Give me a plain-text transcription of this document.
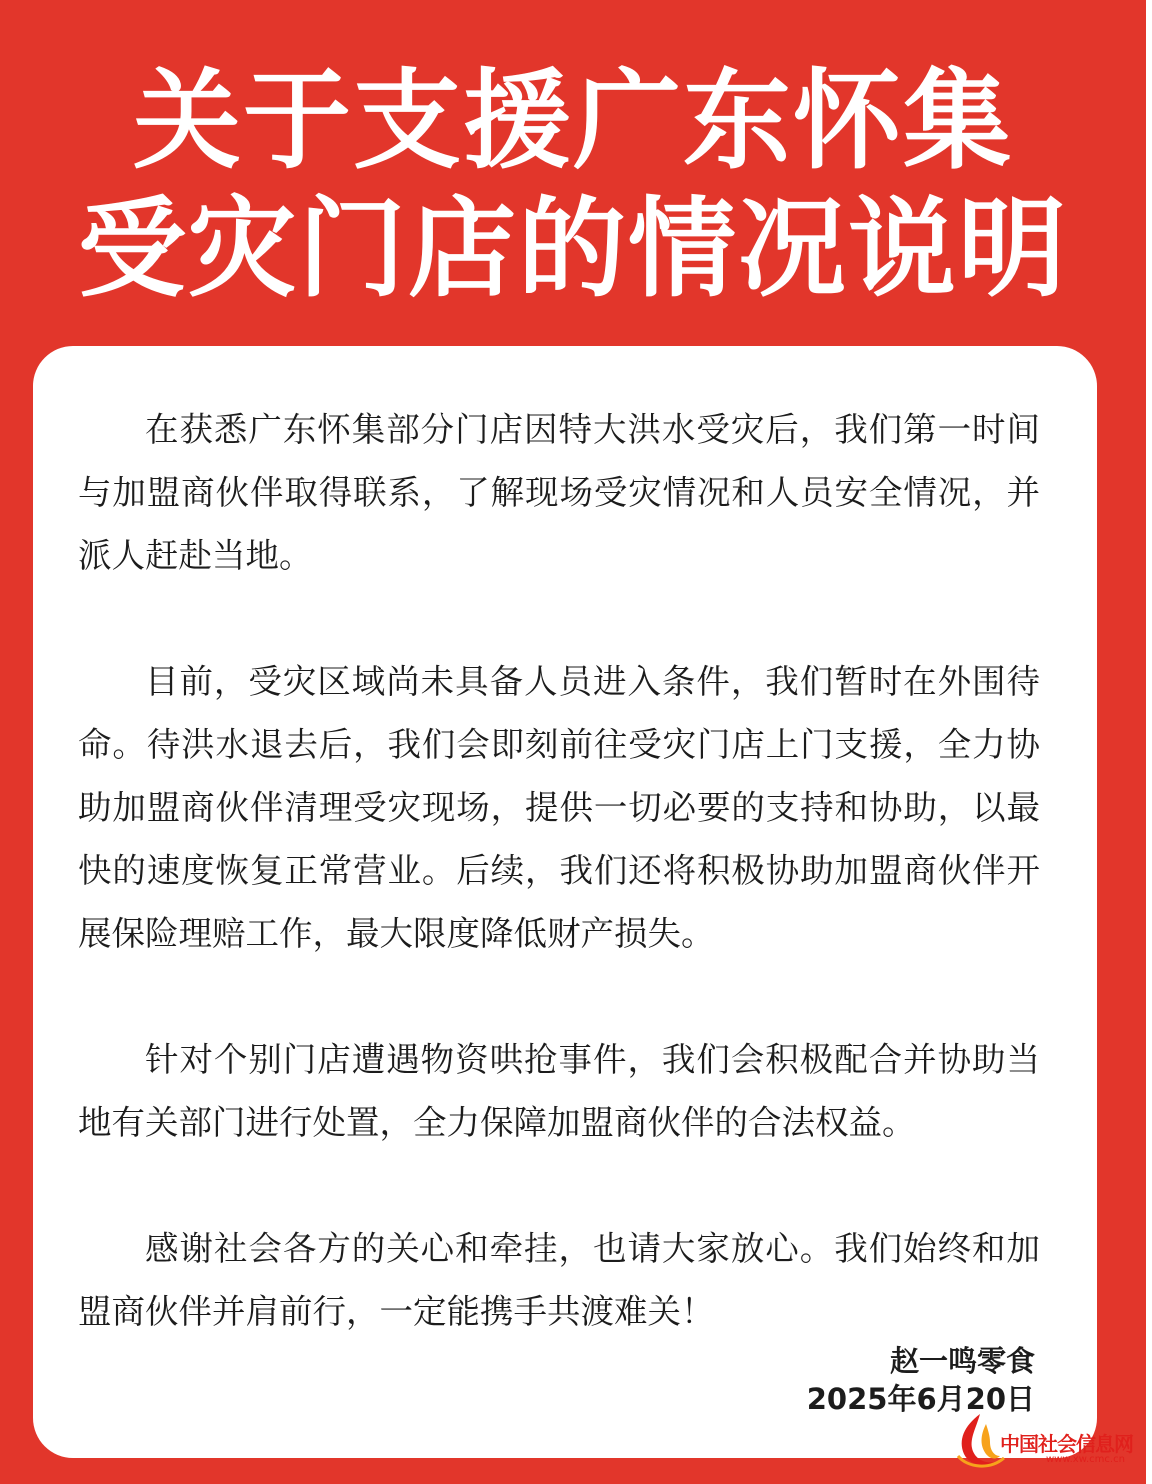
关于支援广东怀集
受灾门店的情况说明

在获悉广东怀集部分门店因特大洪水受灾后，我们第一时间与加盟商伙伴取得联系，了解现场受灾情况和人员安全情况，并派人赶赴当地。

目前，受灾区域尚未具备人员进入条件，我们暂时在外围待命。待洪水退去后，我们会即刻前往受灾门店上门支援，全力协助加盟商伙伴清理受灾现场，提供一切必要的支持和协助，以最快的速度恢复正常营业。后续，我们还将积极协助加盟商伙伴开展保险理赔工作，最大限度降低财产损失。

针对个别门店遭遇物资哄抢事件，我们会积极配合并协助当地有关部门进行处置，全力保障加盟商伙伴的合法权益。

感谢社会各方的关心和牵挂，也请大家放心。我们始终和加盟商伙伴并肩前行，一定能携手共渡难关！

赵一鸣零食
2025年6月20日
中国社会信息网
www.xw.cmc.cn
